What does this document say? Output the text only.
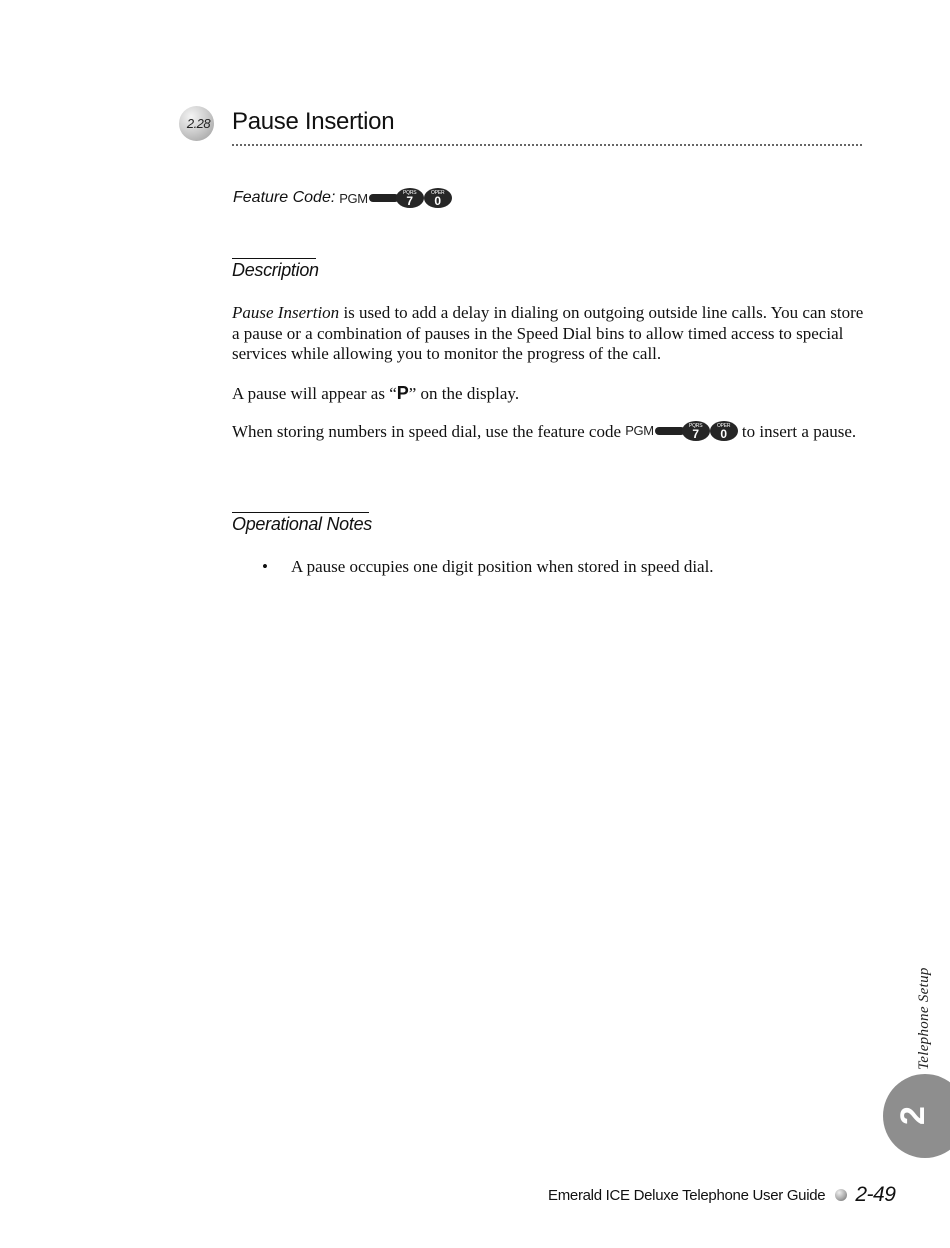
2.28 Pause Insertion
Feature Code: PGM	PQRS
7
OPER
0
Description
Pause Insertion is used to add a delay in dialing on outgoing outside line calls. You can store a pause or a combination of pauses in the Speed Dial bins to allow timed access to special services while allowing you to monitor the progress of the call.
A pause will appear as “P” on the display.
When storing numbers in speed dial, use the feature code PGM	PQRS
7
OPER
0 to insert a pause.
Operational Notes
• A pause occupies one digit position when stored in speed dial.
Telephone Setup
2
Emerald ICE Deluxe Telephone User Guide 2-49
